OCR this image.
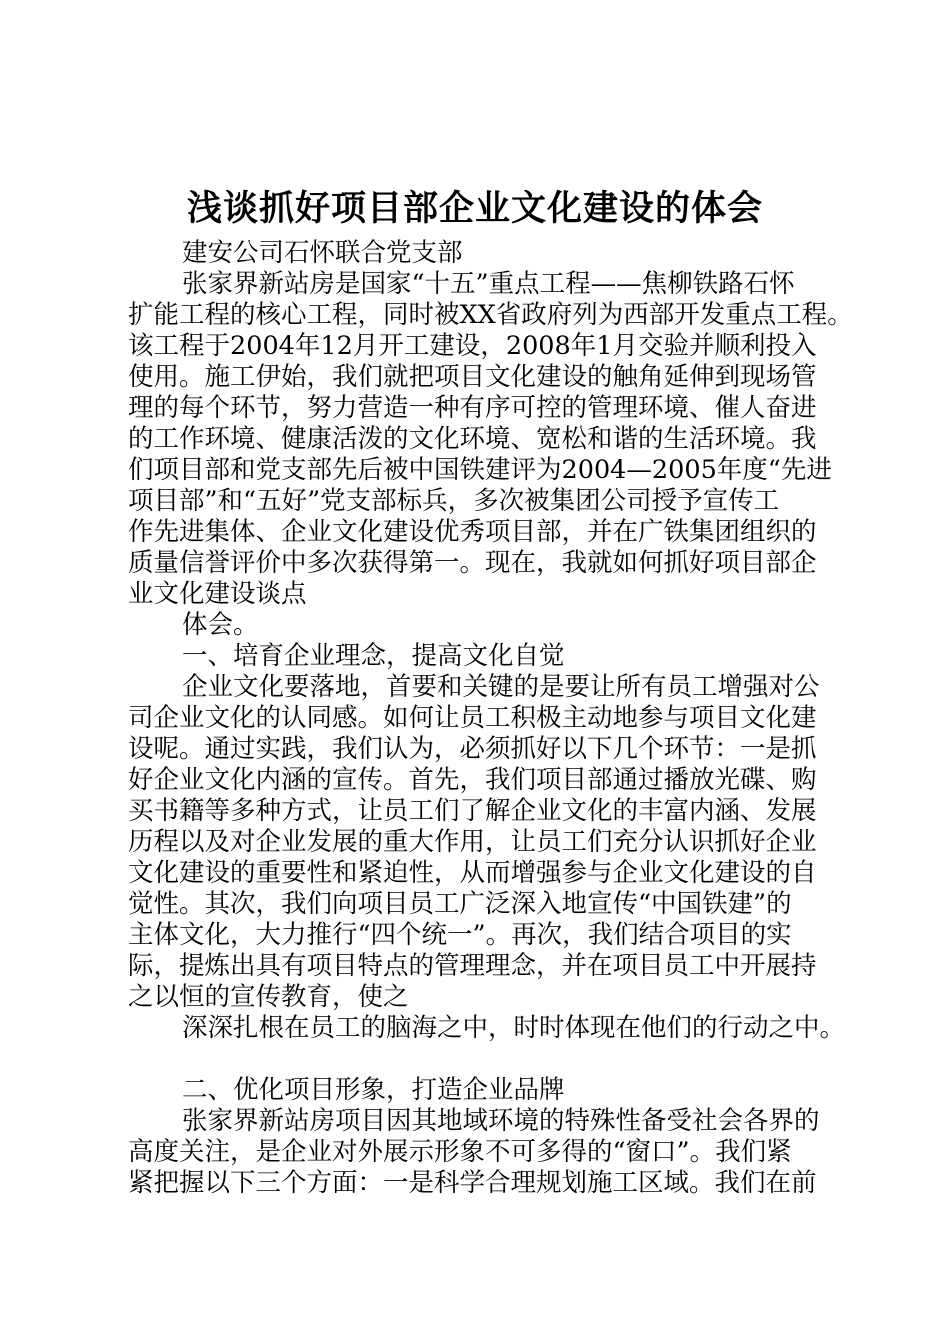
浅谈抓好项目部企业文化建设的体会
建安公司石怀联合党支部
张家界新站房是国家“十五”重点工程——焦柳铁路石怀
扩能工程的核心工程，同时被XX省政府列为西部开发重点工程。
该工程于2004年12月开工建设，2008年1月交验并顺利投入
使用。施工伊始，我们就把项目文化建设的触角延伸到现场管
理的每个环节，努力营造一种有序可控的管理环境、催人奋进
的工作环境、健康活泼的文化环境、宽松和谐的生活环境。我
们项目部和党支部先后被中国铁建评为2004—2005年度“先进
项目部”和“五好”党支部标兵，多次被集团公司授予宣传工
作先进集体、企业文化建设优秀项目部，并在广铁集团组织的
质量信誉评价中多次获得第一。现在，我就如何抓好项目部企
业文化建设谈点
体会。
一、培育企业理念，提高文化自觉
企业文化要落地，首要和关键的是要让所有员工增强对公
司企业文化的认同感。如何让员工积极主动地参与项目文化建
设呢。通过实践，我们认为，必须抓好以下几个环节：一是抓
好企业文化内涵的宣传。首先，我们项目部通过播放光碟、购
买书籍等多种方式，让员工们了解企业文化的丰富内涵、发展
历程以及对企业发展的重大作用，让员工们充分认识抓好企业
文化建设的重要性和紧迫性，从而增强参与企业文化建设的自
觉性。其次，我们向项目员工广泛深入地宣传“中国铁建”的
主体文化，大力推行“四个统一”。再次，我们结合项目的实
际，提炼出具有项目特点的管理理念，并在项目员工中开展持
之以恒的宣传教育，使之
深深扎根在员工的脑海之中，时时体现在他们的行动之中。
二、优化项目形象，打造企业品牌
张家界新站房项目因其地域环境的特殊性备受社会各界的
高度关注，是企业对外展示形象不可多得的“窗口”。我们紧
紧把握以下三个方面：一是科学合理规划施工区域。我们在前
